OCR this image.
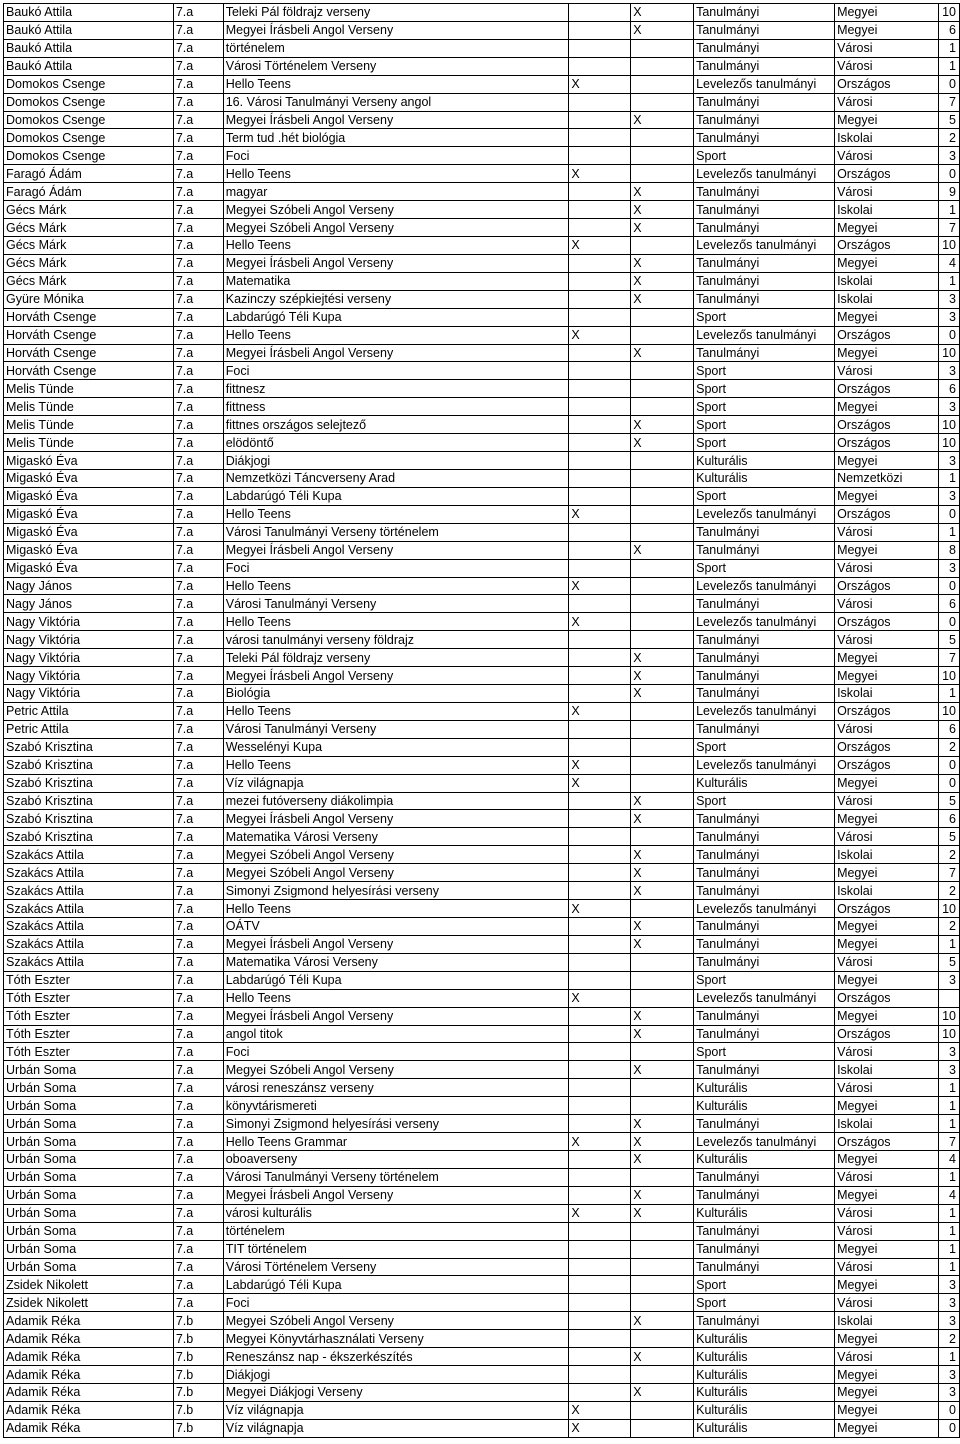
Baukó Attila	7.a	Teleki Pál földrajz verseny		X	Tanulmányi	Megyei	10
Baukó Attila	7.a	Megyei Írásbeli Angol Verseny		X	Tanulmányi	Megyei	6
Baukó Attila	7.a	történelem			Tanulmányi	Városi	1
Baukó Attila	7.a	Városi Történelem Verseny			Tanulmányi	Városi	1
Domokos Csenge	7.a	Hello Teens	X		Levelezős tanulmányi	Országos	0
Domokos Csenge	7.a	16. Városi Tanulmányi Verseny angol			Tanulmányi	Városi	7
Domokos Csenge	7.a	Megyei Írásbeli Angol Verseny		X	Tanulmányi	Megyei	5
Domokos Csenge	7.a	Term tud .hét biológia			Tanulmányi	Iskolai	2
Domokos Csenge	7.a	Foci			Sport	Városi	3
Faragó Ádám	7.a	Hello Teens	X		Levelezős tanulmányi	Országos	0
Faragó Ádám	7.a	magyar		X	Tanulmányi	Városi	9
Gécs Márk	7.a	Megyei Szóbeli Angol Verseny		X	Tanulmányi	Iskolai	1
Gécs Márk	7.a	Megyei Szóbeli Angol Verseny		X	Tanulmányi	Megyei	7
Gécs Márk	7.a	Hello Teens	X		Levelezős tanulmányi	Országos	10
Gécs Márk	7.a	Megyei Írásbeli Angol Verseny		X	Tanulmányi	Megyei	4
Gécs Márk	7.a	Matematika		X	Tanulmányi	Iskolai	1
Gyüre Mónika	7.a	Kazinczy szépkiejtési verseny		X	Tanulmányi	Iskolai	3
Horváth Csenge	7.a	Labdarúgó Téli Kupa			Sport	Megyei	3
Horváth Csenge	7.a	Hello Teens	X		Levelezős tanulmányi	Országos	0
Horváth Csenge	7.a	Megyei Írásbeli Angol Verseny		X	Tanulmányi	Megyei	10
Horváth Csenge	7.a	Foci			Sport	Városi	3
Melis Tünde	7.a	fittnesz			Sport	Országos	6
Melis Tünde	7.a	fittness			Sport	Megyei	3
Melis Tünde	7.a	fittnes országos selejtező		X	Sport	Országos	10
Melis Tünde	7.a	elödöntő		X	Sport	Országos	10
Migaskó Éva	7.a	Diákjogi			Kulturális	Megyei	3
Migaskó Éva	7.a	Nemzetközi Táncverseny Arad			Kulturális	Nemzetközi	1
Migaskó Éva	7.a	Labdarúgó Téli Kupa			Sport	Megyei	3
Migaskó Éva	7.a	Hello Teens	X		Levelezős tanulmányi	Országos	0
Migaskó Éva	7.a	Városi Tanulmányi Verseny történelem			Tanulmányi	Városi	1
Migaskó Éva	7.a	Megyei Írásbeli Angol Verseny		X	Tanulmányi	Megyei	8
Migaskó Éva	7.a	Foci			Sport	Városi	3
Nagy János	7.a	Hello Teens	X		Levelezős tanulmányi	Országos	0
Nagy János	7.a	Városi Tanulmányi Verseny			Tanulmányi	Városi	6
Nagy Viktória	7.a	Hello Teens	X		Levelezős tanulmányi	Országos	0
Nagy Viktória	7.a	városi tanulmányi verseny földrajz			Tanulmányi	Városi	5
Nagy Viktória	7.a	Teleki Pál földrajz verseny		X	Tanulmányi	Megyei	7
Nagy Viktória	7.a	Megyei Írásbeli Angol Verseny		X	Tanulmányi	Megyei	10
Nagy Viktória	7.a	Biológia		X	Tanulmányi	Iskolai	1
Petric Attila	7.a	Hello Teens	X		Levelezős tanulmányi	Országos	10
Petric Attila	7.a	Városi Tanulmányi Verseny			Tanulmányi	Városi	6
Szabó Krisztina	7.a	Wesselényi Kupa			Sport	Országos	2
Szabó Krisztina	7.a	Hello Teens	X		Levelezős tanulmányi	Országos	0
Szabó Krisztina	7.a	Víz világnapja	X		Kulturális	Megyei	0
Szabó Krisztina	7.a	mezei futóverseny diákolimpia		X	Sport	Városi	5
Szabó Krisztina	7.a	Megyei Írásbeli Angol Verseny		X	Tanulmányi	Megyei	6
Szabó Krisztina	7.a	Matematika Városi Verseny			Tanulmányi	Városi	5
Szakács Attila	7.a	Megyei Szóbeli Angol Verseny		X	Tanulmányi	Iskolai	2
Szakács Attila	7.a	Megyei Szóbeli Angol Verseny		X	Tanulmányi	Megyei	7
Szakács Attila	7.a	Simonyi Zsigmond helyesírási verseny		X	Tanulmányi	Iskolai	2
Szakács Attila	7.a	Hello Teens	X		Levelezős tanulmányi	Országos	10
Szakács Attila	7.a	OÁTV		X	Tanulmányi	Megyei	2
Szakács Attila	7.a	Megyei Írásbeli Angol Verseny		X	Tanulmányi	Megyei	1
Szakács Attila	7.a	Matematika Városi Verseny			Tanulmányi	Városi	5
Tóth Eszter	7.a	Labdarúgó Téli Kupa			Sport	Megyei	3
Tóth Eszter	7.a	Hello Teens	X		Levelezős tanulmányi	Országos	
Tóth Eszter	7.a	Megyei Írásbeli Angol Verseny		X	Tanulmányi	Megyei	10
Tóth Eszter	7.a	angol titok		X	Tanulmányi	Országos	10
Tóth Eszter	7.a	Foci			Sport	Városi	3
Urbán Soma	7.a	Megyei Szóbeli Angol Verseny		X	Tanulmányi	Iskolai	3
Urbán Soma	7.a	városi reneszánsz verseny			Kulturális	Városi	1
Urbán Soma	7.a	könyvtárismereti			Kulturális	Megyei	1
Urbán Soma	7.a	Simonyi Zsigmond helyesírási verseny		X	Tanulmányi	Iskolai	1
Urbán Soma	7.a	Hello Teens Grammar	X	X	Levelezős tanulmányi	Országos	7
Urbán Soma	7.a	oboaverseny		X	Kulturális	Megyei	4
Urbán Soma	7.a	Városi Tanulmányi Verseny történelem			Tanulmányi	Városi	1
Urbán Soma	7.a	Megyei Írásbeli Angol Verseny		X	Tanulmányi	Megyei	4
Urbán Soma	7.a	városi kulturális	X	X	Kulturális	Városi	1
Urbán Soma	7.a	történelem			Tanulmányi	Városi	1
Urbán Soma	7.a	TIT történelem			Tanulmányi	Megyei	1
Urbán Soma	7.a	Városi Történelem Verseny			Tanulmányi	Városi	1
Zsidek Nikolett	7.a	Labdarúgó Téli Kupa			Sport	Megyei	3
Zsidek Nikolett	7.a	Foci			Sport	Városi	3
Adamik Réka	7.b	Megyei Szóbeli Angol Verseny		X	Tanulmányi	Iskolai	3
Adamik Réka	7.b	Megyei Könyvtárhasználati Verseny			Kulturális	Megyei	2
Adamik Réka	7.b	Reneszánsz nap - ékszerkészítés		X	Kulturális	Városi	1
Adamik Réka	7.b	Diákjogi			Kulturális	Megyei	3
Adamik Réka	7.b	Megyei Diákjogi Verseny		X	Kulturális	Megyei	3
Adamik Réka	7.b	Víz világnapja	X		Kulturális	Megyei	0
Adamik Réka	7.b	Víz világnapja	X		Kulturális	Megyei	0
